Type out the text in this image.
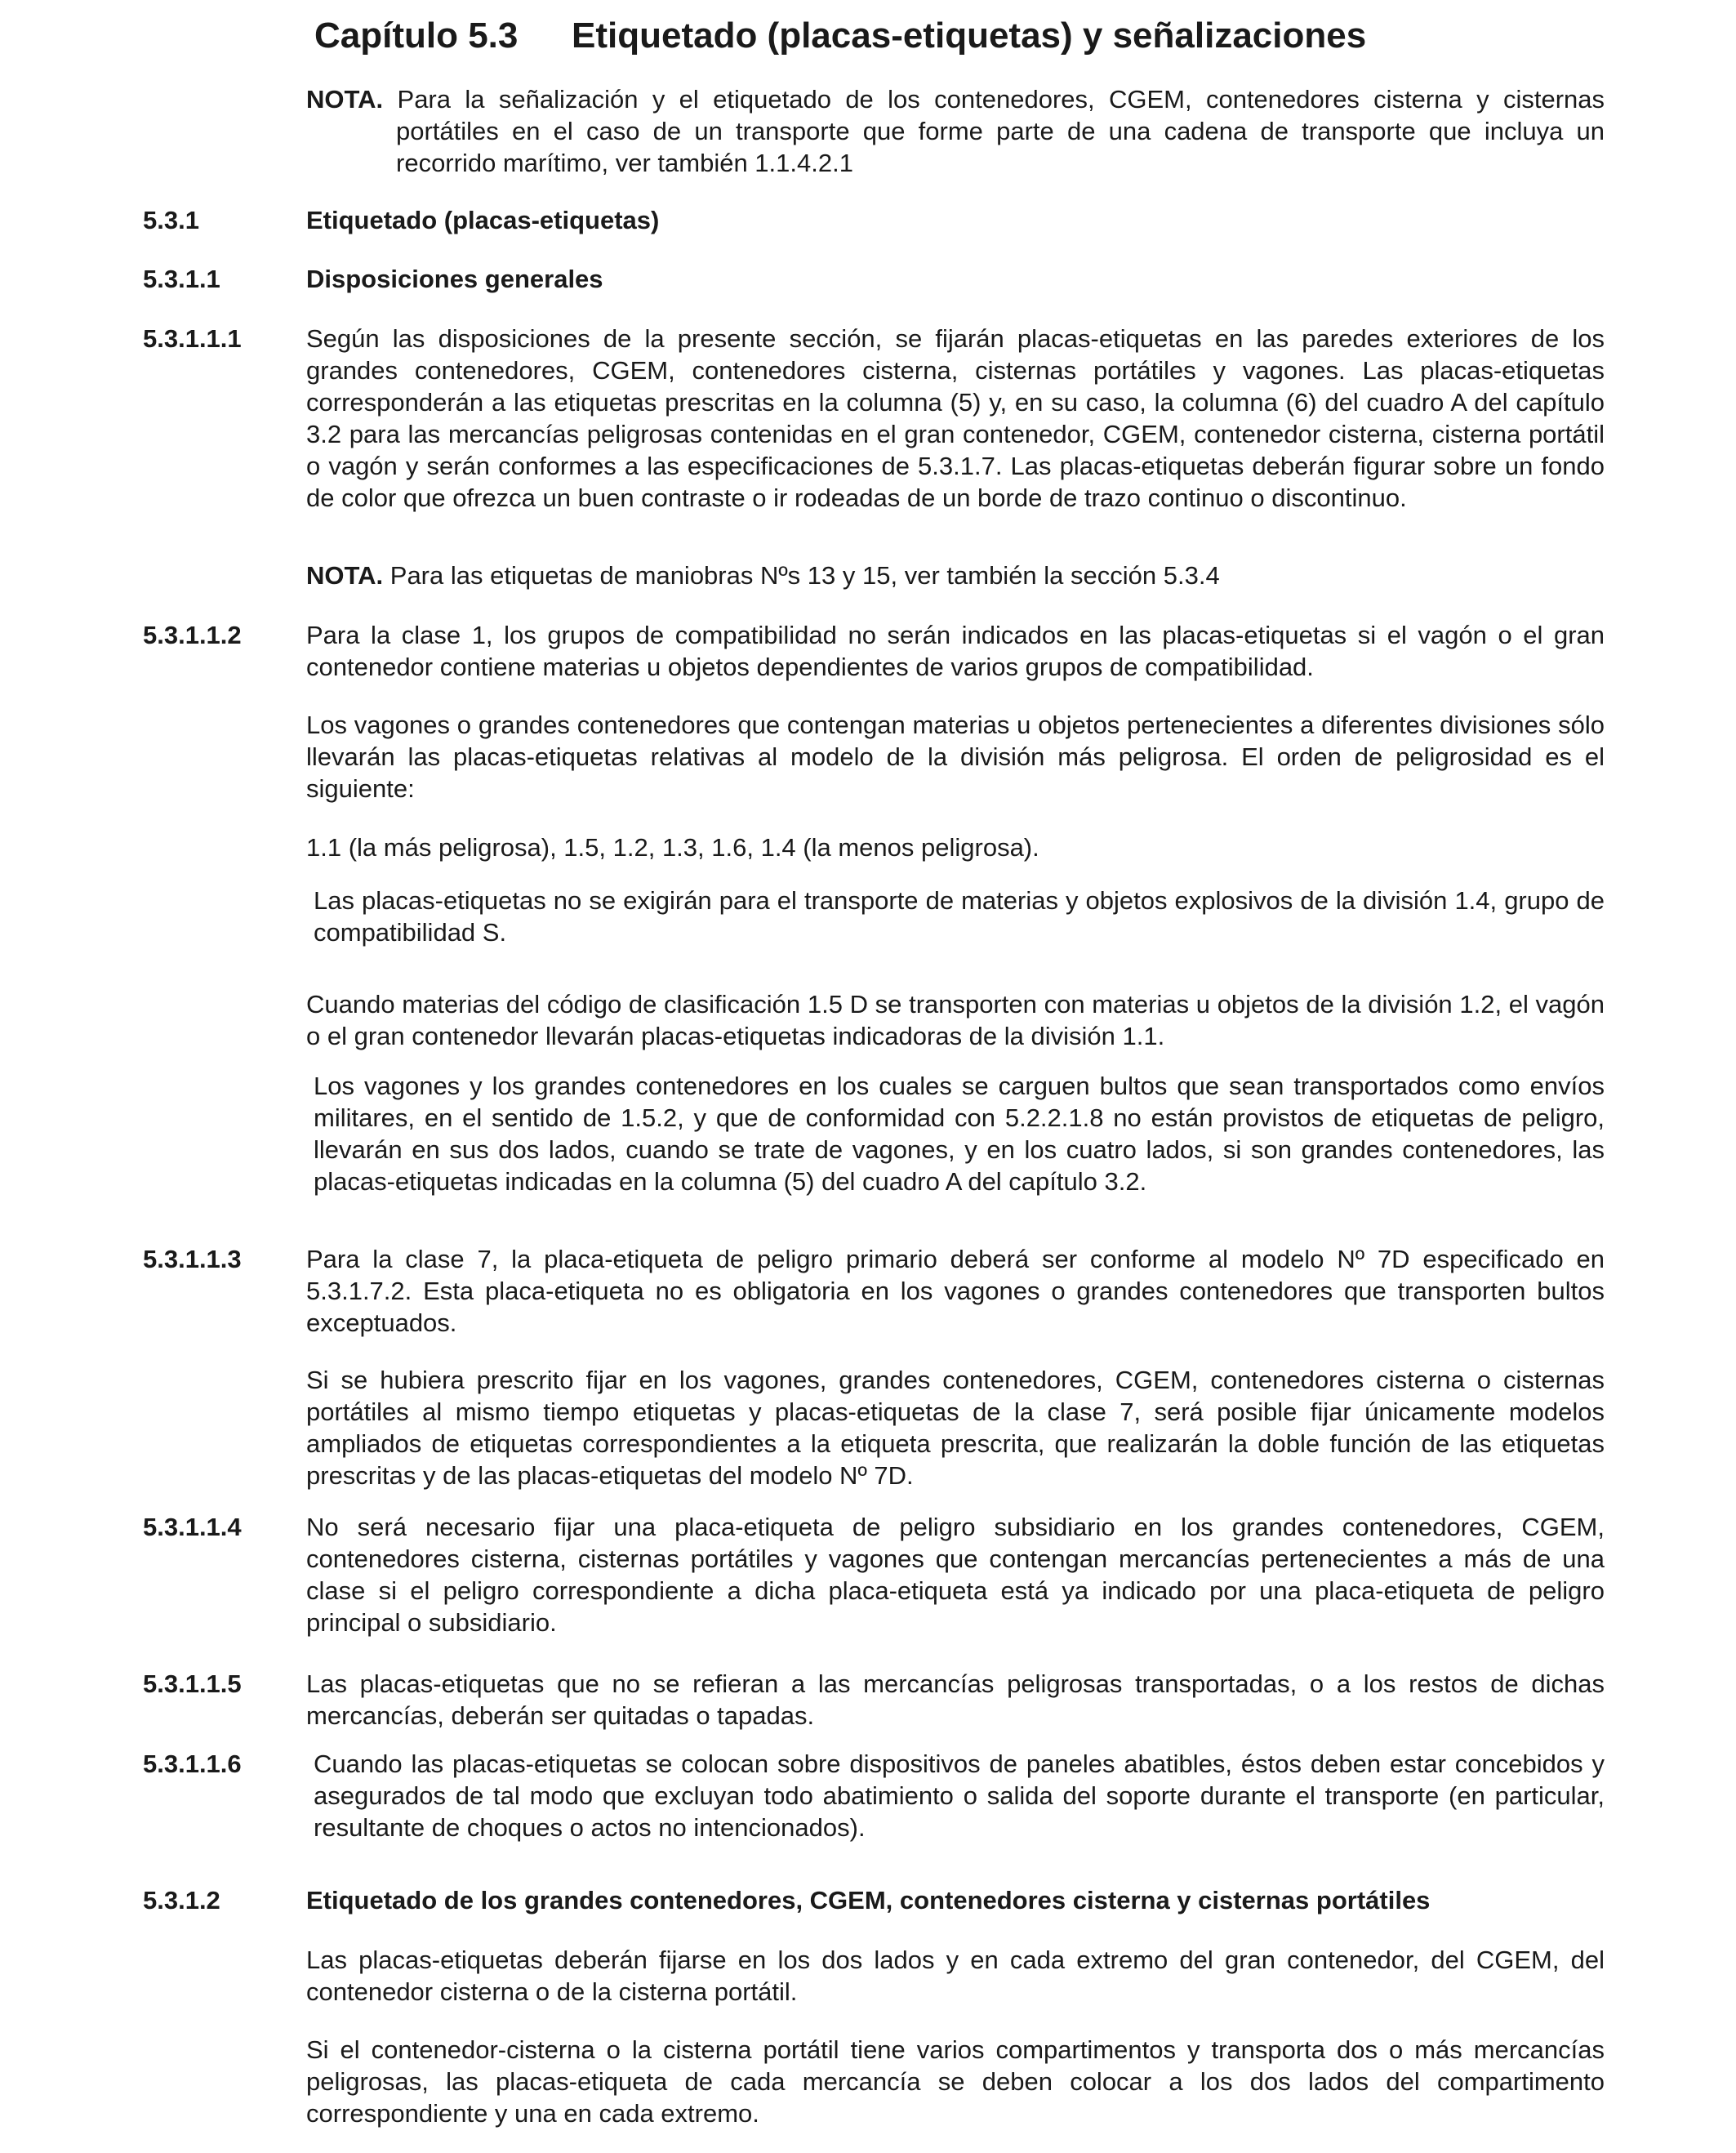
Capítulo 5.3 Etiquetado (placas-etiquetas) y señalizaciones
NOTA. Para la señalización y el etiquetado de los contenedores, CGEM, contenedores cisterna y cisternas portátiles en el caso de un transporte que forme parte de una cadena de transporte que incluya un recorrido marítimo, ver también 1.1.4.2.1
5.3.1	Etiquetado (placas-etiquetas)
5.3.1.1	Disposiciones generales
5.3.1.1.1	Según las disposiciones de la presente sección, se fijarán placas-etiquetas en las paredes exteriores de los grandes contenedores, CGEM, contenedores cisterna, cisternas portátiles y vagones. Las placas-etiquetas corresponderán a las etiquetas prescritas en la columna (5) y, en su caso, la columna (6) del cuadro A del capítulo 3.2 para las mercancías peligrosas contenidas en el gran contenedor, CGEM, contenedor cisterna, cisterna portátil o vagón y serán conformes a las especificaciones de 5.3.1.7. Las placas-etiquetas deberán figurar sobre un fondo de color que ofrezca un buen contraste o ir rodeadas de un borde de trazo continuo o discontinuo.
NOTA. Para las etiquetas de maniobras Nºs 13 y 15, ver también la sección 5.3.4
5.3.1.1.2	Para la clase 1, los grupos de compatibilidad no serán indicados en las placas-etiquetas si el vagón o el gran contenedor contiene materias u objetos dependientes de varios grupos de compatibilidad.
Los vagones o grandes contenedores que contengan materias u objetos pertenecientes a diferentes divisiones sólo llevarán las placas-etiquetas relativas al modelo de la división más peligrosa. El orden de peligrosidad es el siguiente:
1.1 (la más peligrosa), 1.5, 1.2, 1.3, 1.6, 1.4 (la menos peligrosa).
Las placas-etiquetas no se exigirán para el transporte de materias y objetos explosivos de la división 1.4, grupo de compatibilidad S.
Cuando materias del código de clasificación 1.5 D se transporten con materias u objetos de la división 1.2, el vagón o el gran contenedor llevarán placas-etiquetas indicadoras de la división 1.1.
Los vagones y los grandes contenedores en los cuales se carguen bultos que sean transportados como envíos militares, en el sentido de 1.5.2, y que de conformidad con 5.2.2.1.8 no están provistos de etiquetas de peligro, llevarán en sus dos lados, cuando se trate de vagones, y en los cuatro lados, si son grandes contenedores, las placas-etiquetas indicadas en la columna (5) del cuadro A del capítulo 3.2.
5.3.1.1.3	Para la clase 7, la placa-etiqueta de peligro primario deberá ser conforme al modelo Nº 7D especificado en 5.3.1.7.2. Esta placa-etiqueta no es obligatoria en los vagones o grandes contenedores que transporten bultos exceptuados.
Si se hubiera prescrito fijar en los vagones, grandes contenedores, CGEM, contenedores cisterna o cisternas portátiles al mismo tiempo etiquetas y placas-etiquetas de la clase 7, será posible fijar únicamente modelos ampliados de etiquetas correspondientes a la etiqueta prescrita, que realizarán la doble función de las etiquetas prescritas y de las placas-etiquetas del modelo Nº 7D.
5.3.1.1.4	No será necesario fijar una placa-etiqueta de peligro subsidiario en los grandes contenedores, CGEM, contenedores cisterna, cisternas portátiles y vagones que contengan mercancías pertenecientes a más de una clase si el peligro correspondiente a dicha placa-etiqueta está ya indicado por una placa-etiqueta de peligro principal o subsidiario.
5.3.1.1.5	Las placas-etiquetas que no se refieran a las mercancías peligrosas transportadas, o a los restos de dichas mercancías, deberán ser quitadas o tapadas.
5.3.1.1.6	Cuando las placas-etiquetas se colocan sobre dispositivos de paneles abatibles, éstos deben estar concebidos y asegurados de tal modo que excluyan todo abatimiento o salida del soporte durante el transporte (en particular, resultante de choques o actos no intencionados).
5.3.1.2	Etiquetado de los grandes contenedores, CGEM, contenedores cisterna y cisternas portátiles
Las placas-etiquetas deberán fijarse en los dos lados y en cada extremo del gran contenedor, del CGEM, del contenedor cisterna o de la cisterna portátil.
Si el contenedor-cisterna o la cisterna portátil tiene varios compartimentos y transporta dos o más mercancías peligrosas, las placas-etiqueta de cada mercancía se deben colocar a los dos lados del compartimento correspondiente y una en cada extremo.
